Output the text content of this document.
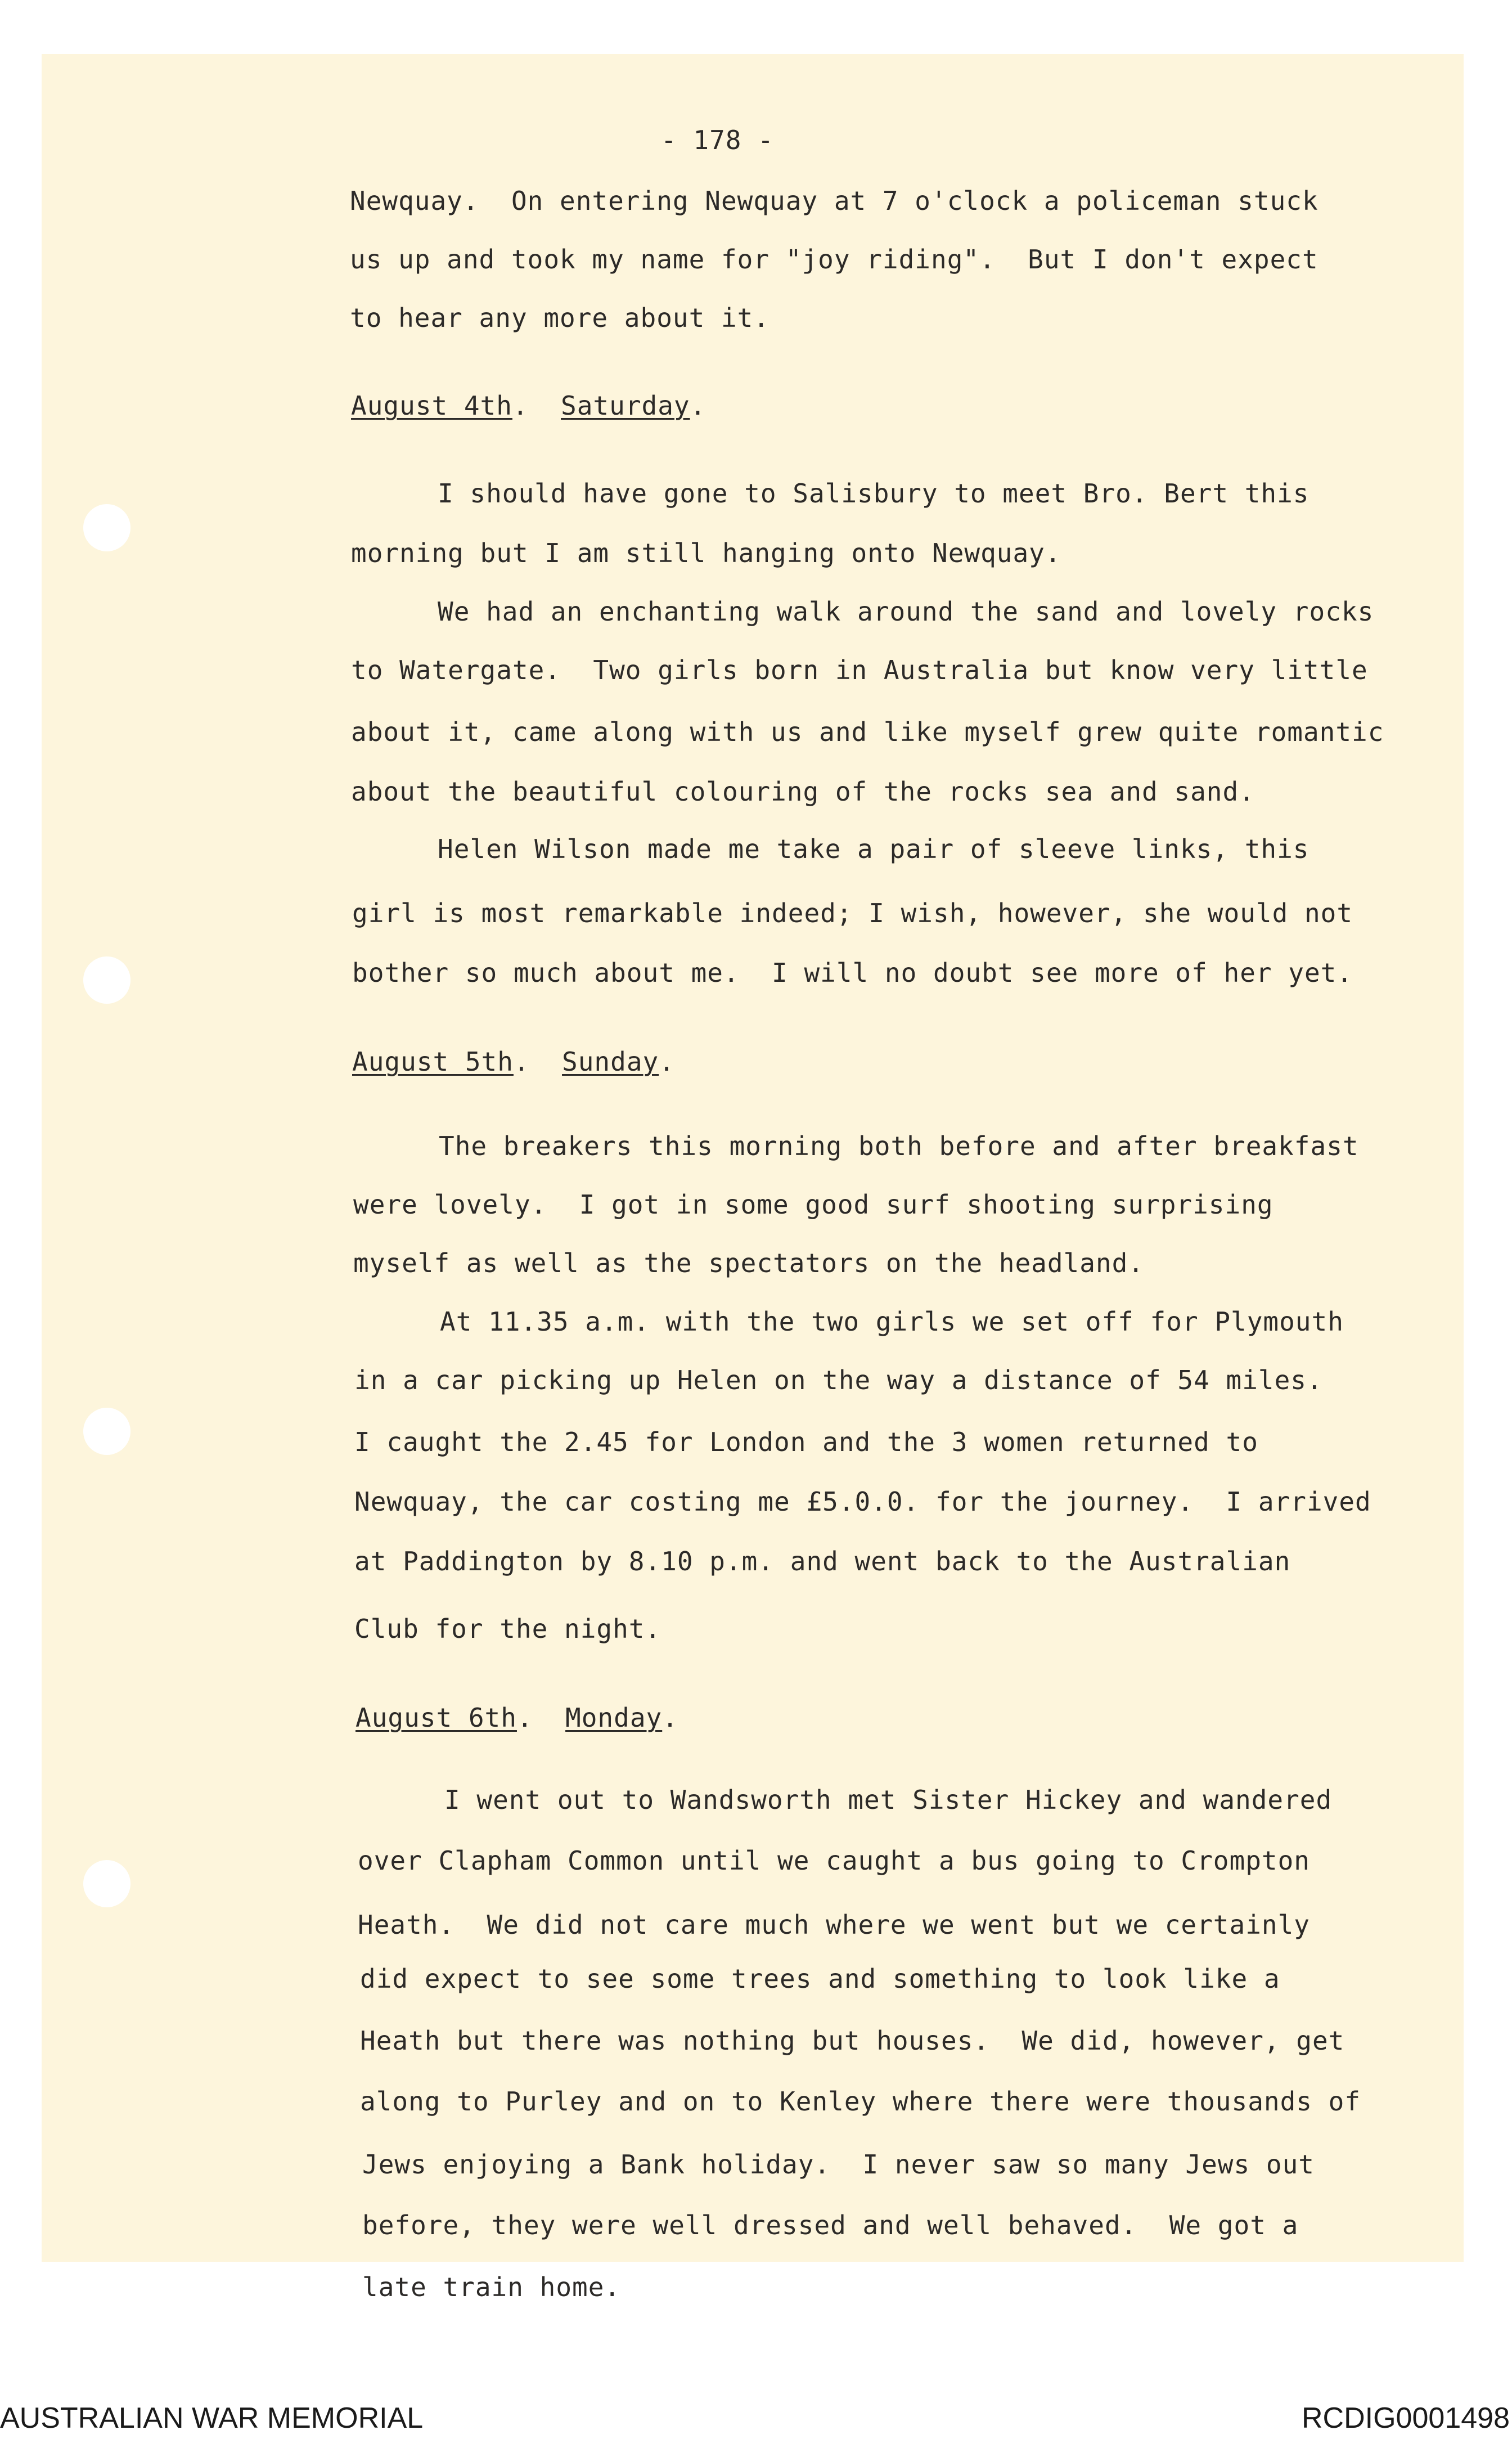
- 178 -

Newquay.  On entering Newquay at 7 o'clock a policeman stuck

us up and took my name for "joy riding".  But I don't expect

to hear any more about it.

August 4th. Saturday.

I should have gone to Salisbury to meet Bro. Bert this

morning but I am still hanging onto Newquay.

We had an enchanting walk around the sand and lovely rocks

to Watergate.  Two girls born in Australia but know very little

about it, came along with us and like myself grew quite romantic

about the beautiful colouring of the rocks sea and sand.

Helen Wilson made me take a pair of sleeve links, this

girl is most remarkable indeed; I wish, however, she would not

bother so much about me.  I will no doubt see more of her yet.

August 5th. Sunday.

The breakers this morning both before and after breakfast

were lovely.  I got in some good surf shooting surprising

myself as well as the spectators on the headland.

At 11.35 a.m. with the two girls we set off for Plymouth

in a car picking up Helen on the way a distance of 54 miles.

I caught the 2.45 for London and the 3 women returned to

Newquay, the car costing me £5.0.0. for the journey.  I arrived

at Paddington by 8.10 p.m. and went back to the Australian

Club for the night.

August 6th. Monday.

I went out to Wandsworth met Sister Hickey and wandered

over Clapham Common until we caught a bus going to Crompton

Heath.  We did not care much where we went but we certainly

did expect to see some trees and something to look like a

Heath but there was nothing but houses.  We did, however, get

along to Purley and on to Kenley where there were thousands of

Jews enjoying a Bank holiday.  I never saw so many Jews out

before, they were well dressed and well behaved.  We got a

late train home.

AUSTRALIAN WAR MEMORIAL	RCDIG0001498
